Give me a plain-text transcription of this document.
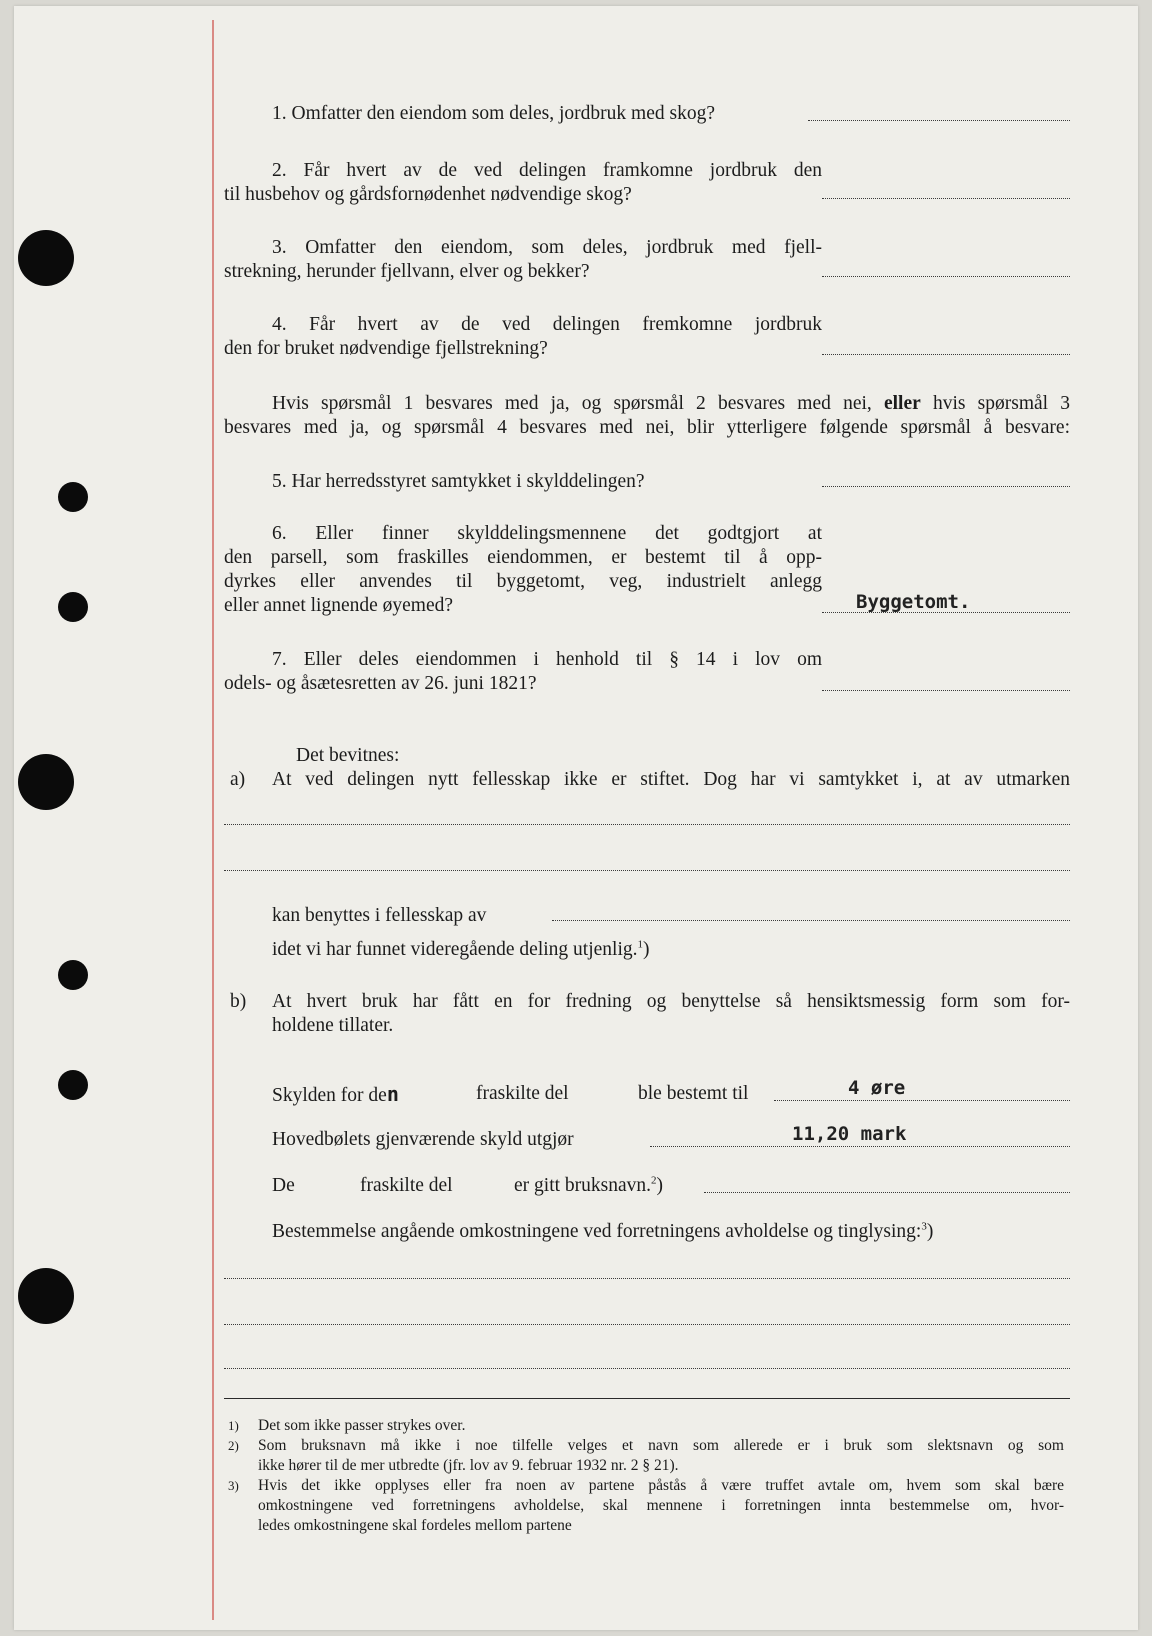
1. Omfatter den eiendom som deles, jordbruk med skog?
2. Får hvert av de ved delingen framkomne jordbruk den
til husbehov og gårdsfornødenhet nødvendige skog?
3. Omfatter den eiendom, som deles, jordbruk med fjell-
strekning, herunder fjellvann, elver og bekker?
4. Får hvert av de ved delingen fremkomne jordbruk
den for bruket nødvendige fjellstrekning?
Hvis spørsmål 1 besvares med ja, og spørsmål 2 besvares med nei, eller hvis spørsmål 3
besvares med ja, og spørsmål 4 besvares med nei, blir ytterligere følgende spørsmål å besvare:
5. Har herredsstyret samtykket i skylddelingen?
6. Eller finner skylddelingsmennene det godtgjort at
den parsell, som fraskilles eiendommen, er bestemt til å opp-
dyrkes eller anvendes til byggetomt, veg, industrielt anlegg
eller annet lignende øyemed?	Byggetomt.
7. Eller deles eiendommen i henhold til § 14 i lov om
odels- og åsætesretten av 26. juni 1821?
Det bevitnes:
a) At ved delingen nytt fellesskap ikke er stiftet. Dog har vi samtykket i, at av utmarken
kan benyttes i fellesskap av
idet vi har funnet videregående deling utjenlig.$^1$)
b) At hvert bruk har fått en for fredning og benyttelse så hensiktsmessig form som for-
holdene tillater.
Skylden for den	fraskilte del	ble bestemt til	4 øre
Hovedbølets gjenværende skyld utgjør	11,20 mark
De	fraskilte del	er gitt bruksnavn.$^2$)
Bestemmelse angående omkostningene ved forretningens avholdelse og tinglysing:$^3$)
1) Det som ikke passer strykes over.
2) Som bruksnavn må ikke i noe tilfelle velges et navn som allerede er i bruk som slektsnavn og som
ikke hører til de mer utbredte (jfr. lov av 9. februar 1932 nr. 2 § 21).
3) Hvis det ikke opplyses eller fra noen av partene påstås å være truffet avtale om, hvem som skal bære
omkostningene ved forretningens avholdelse, skal mennene i forretningen innta bestemmelse om, hvor-
ledes omkostningene skal fordeles mellom partene
